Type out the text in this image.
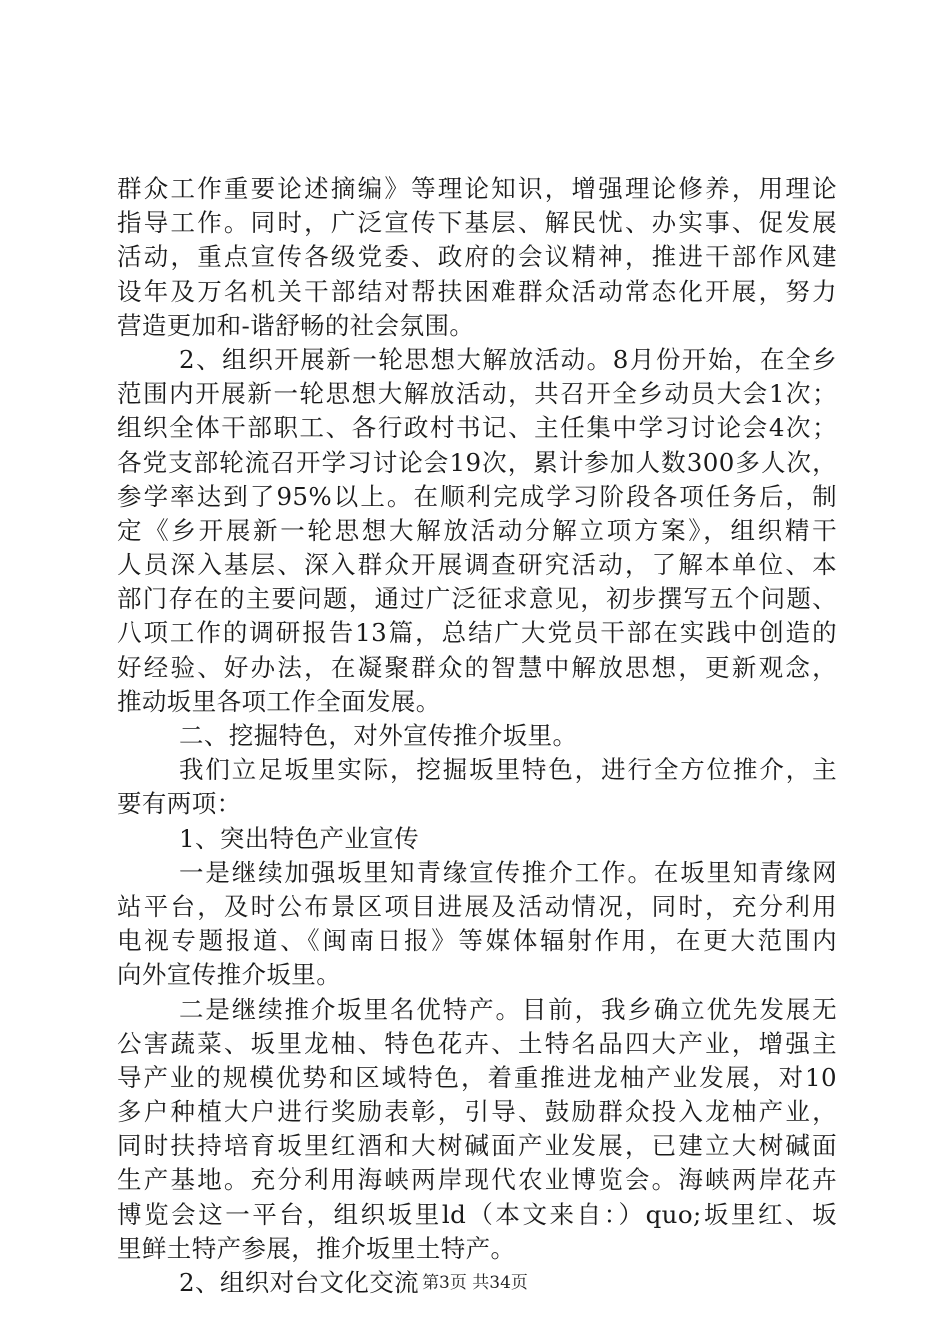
群众工作重要论述摘编》等理论知识，增强理论修养，用理论
指导工作。同时，广泛宣传下基层、解民忧、办实事、促发展
活动，重点宣传各级党委、政府的会议精神，推进干部作风建
设年及万名机关干部结对帮扶困难群众活动常态化开展，努力
营造更加和-谐舒畅的社会氛围。
2、组织开展新一轮思想大解放活动。8月份开始，在全乡
范围内开展新一轮思想大解放活动，共召开全乡动员大会1次；
组织全体干部职工、各行政村书记、主任集中学习讨论会4次；
各党支部轮流召开学习讨论会19次，累计参加人数300多人次，
参学率达到了95%以上。在顺利完成学习阶段各项任务后，制
定《乡开展新一轮思想大解放活动分解立项方案》，组织精干
人员深入基层、深入群众开展调查研究活动，了解本单位、本
部门存在的主要问题，通过广泛征求意见，初步撰写五个问题、
八项工作的调研报告13篇，总结广大党员干部在实践中创造的
好经验、好办法，在凝聚群众的智慧中解放思想，更新观念，
推动坂里各项工作全面发展。
二、挖掘特色，对外宣传推介坂里。
我们立足坂里实际，挖掘坂里特色，进行全方位推介，主
要有两项：
1、突出特色产业宣传
一是继续加强坂里知青缘宣传推介工作。在坂里知青缘网
站平台，及时公布景区项目进展及活动情况，同时，充分利用
电视专题报道、《闽南日报》等媒体辐射作用，在更大范围内
向外宣传推介坂里。
二是继续推介坂里名优特产。目前，我乡确立优先发展无
公害蔬菜、坂里龙柚、特色花卉、土特名品四大产业，增强主
导产业的规模优势和区域特色，着重推进龙柚产业发展，对10
多户种植大户进行奖励表彰，引导、鼓励群众投入龙柚产业，
同时扶持培育坂里红酒和大树碱面产业发展，已建立大树碱面
生产基地。充分利用海峡两岸现代农业博览会。海峡两岸花卉
博览会这一平台，组织坂里ld（本文来自：）quo;坂里红、坂
里鲜土特产参展，推介坂里土特产。
2、组织对台文化交流 第3页 共34页
